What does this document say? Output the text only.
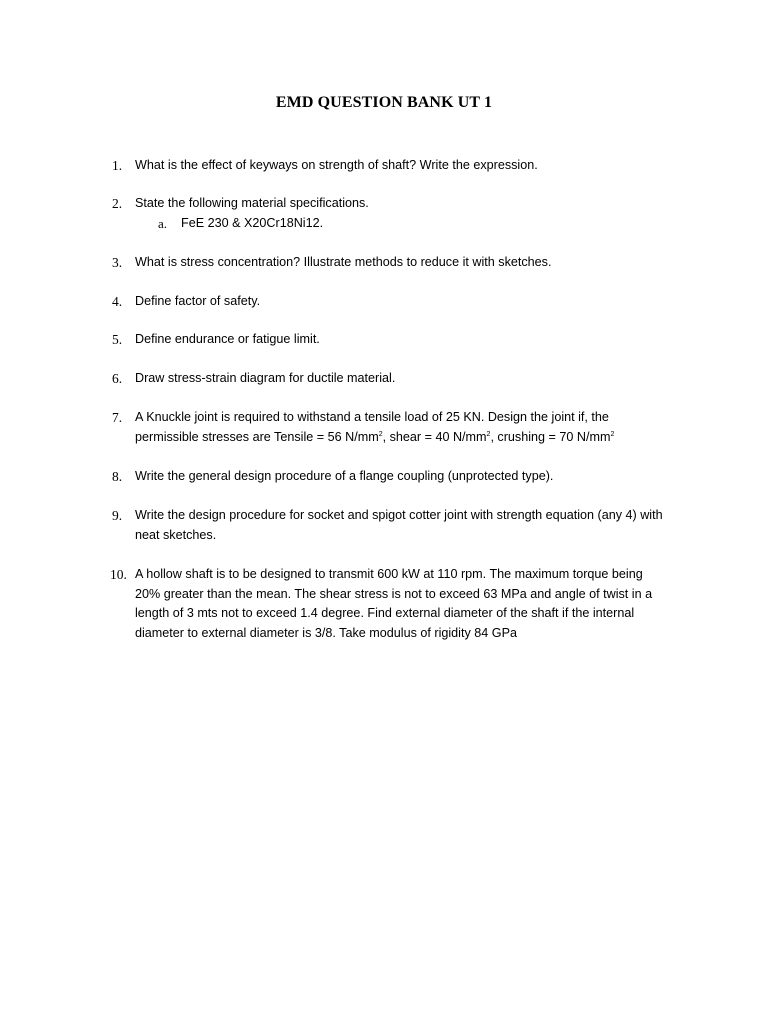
EMD QUESTION BANK UT 1
1. What is the effect of keyways on strength of shaft? Write the expression.
2. State the following material specifications.
a. FeE 230 & X20Cr18Ni12.
3. What is stress concentration? Illustrate methods to reduce it with sketches.
4. Define factor of safety.
5. Define endurance or fatigue limit.
6. Draw stress-strain diagram for ductile material.
7. A Knuckle joint is required to withstand a tensile load of 25 KN. Design the joint if, the
permissible stresses are Tensile = 56 $N/mm^2$, shear = 40 $N/mm^2$, crushing = 70 $N/mm^2$
8. Write the general design procedure of a flange coupling (unprotected type).
9. Write the design procedure for socket and spigot cotter joint with strength equation (any 4) with
neat sketches.
10. A hollow shaft is to be designed to transmit 600 kW at 110 rpm. The maximum torque being
20% greater than the mean. The shear stress is not to exceed 63 MPa and angle of twist in a
length of 3 mts not to exceed 1.4 degree. Find external diameter of the shaft if the internal
diameter to external diameter is 3/8. Take modulus of rigidity 84 GPa
